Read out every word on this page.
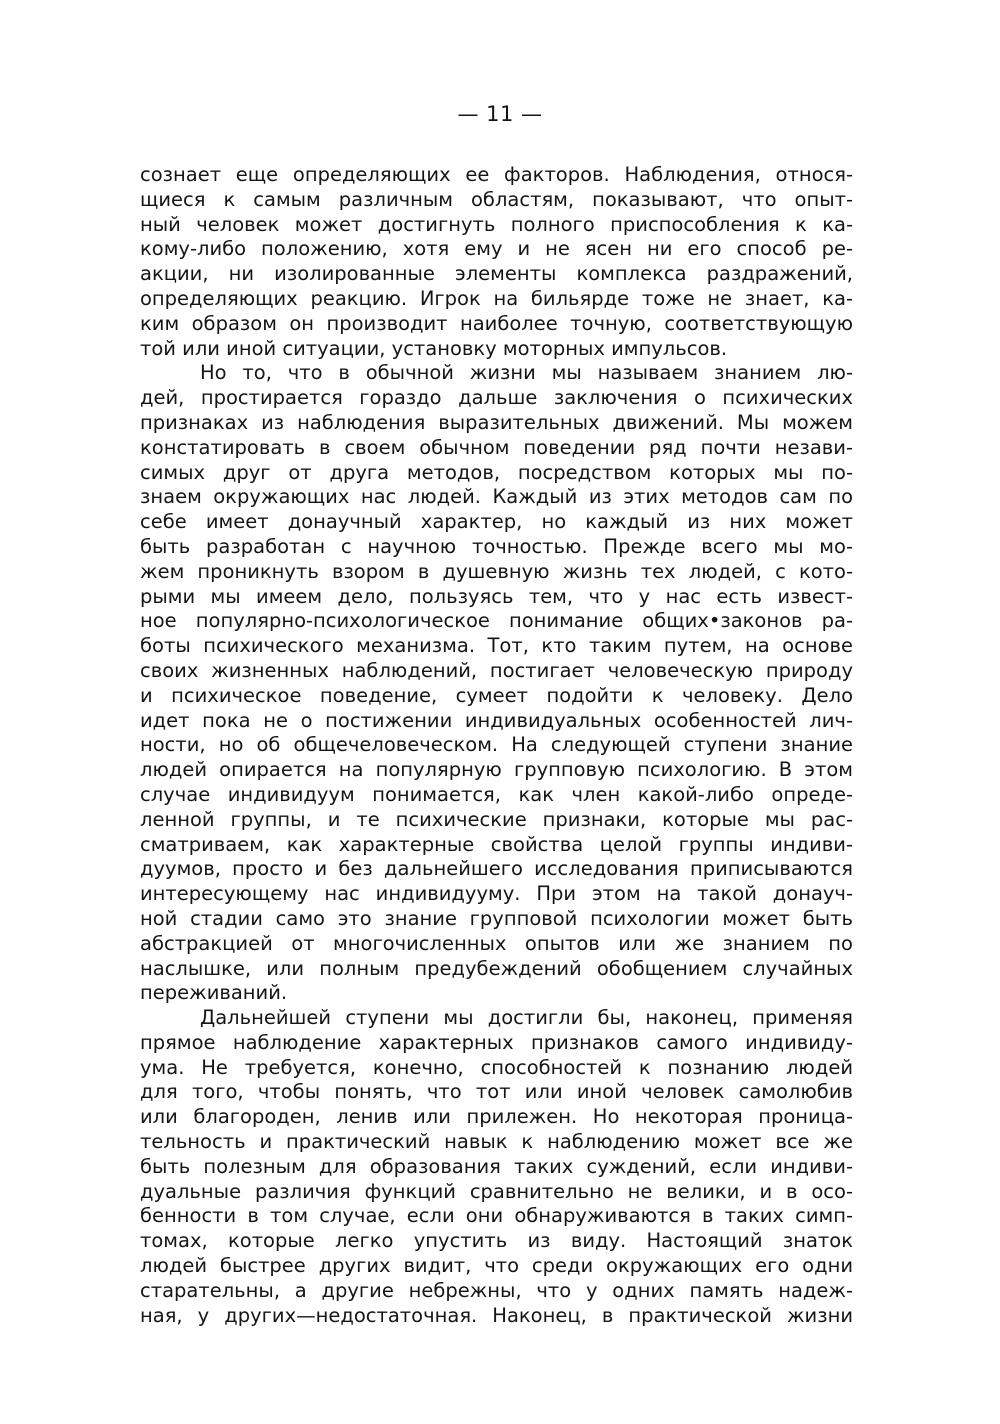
— 11 —
сознает еще определяющих ее факторов. Наблюдения, относя-
щиеся к самым различным областям, показывают, что опыт-
ный человек может достигнуть полного приспособления к ка-
кому-либо положению, хотя ему и не ясен ни его способ ре-
акции, ни изолированные элементы комплекса раздражений,
определяющих реакцию. Игрок на бильярде тоже не знает, ка-
ким образом он производит наиболее точную, соответствующую
той или иной ситуации, установку моторных импульсов.
Но то, что в обычной жизни мы называем знанием лю-
дей, простирается гораздо дальше заключения о психических
признаках из наблюдения выразительных движений. Мы можем
констатировать в своем обычном поведении ряд почти незави-
симых друг от друга методов, посредством которых мы по-
знаем окружающих нас людей. Каждый из этих методов сам по
себе имеет донаучный характер, но каждый из них может
быть разработан с научною точностью. Прежде всего мы мо-
жем проникнуть взором в душевную жизнь тех людей, с кото-
рыми мы имеем дело, пользуясь тем, что у нас есть извест-
ное популярно-психологическое понимание общих•законов ра-
боты психического механизма. Тот, кто таким путем, на основе
своих жизненных наблюдений, постигает человеческую природу
и психическое поведение, сумеет подойти к человеку. Дело
идет пока не о постижении индивидуальных особенностей лич-
ности, но об общечеловеческом. На следующей ступени знание
людей опирается на популярную групповую психологию. В этом
случае индивидуум понимается, как член какой-либо опреде-
ленной группы, и те психические признаки, которые мы рас-
сматриваем, как характерные свойства целой группы индиви-
дуумов, просто и без дальнейшего исследования приписываются
интересующему нас индивидууму. При этом на такой донауч-
ной стадии само это знание групповой психологии может быть
абстракцией от многочисленных опытов или же знанием по
наслышке, или полным предубеждений обобщением случайных
переживаний.
Дальнейшей ступени мы достигли бы, наконец, применяя
прямое наблюдение характерных признаков самого индивиду-
ума. Не требуется, конечно, способностей к познанию людей
для того, чтобы понять, что тот или иной человек самолюбив
или благороден, ленив или прилежен. Но некоторая проница-
тельность и практический навык к наблюдению может все же
быть полезным для образования таких суждений, если индиви-
дуальные различия функций сравнительно не велики, и в осо-
бенности в том случае, если они обнаруживаются в таких симп-
томах, которые легко упустить из виду. Настоящий знаток
людей быстрее других видит, что среди окружающих его одни
старательны, а другие небрежны, что у одних память надеж-
ная, у других—недостаточная. Наконец, в практической жизни
